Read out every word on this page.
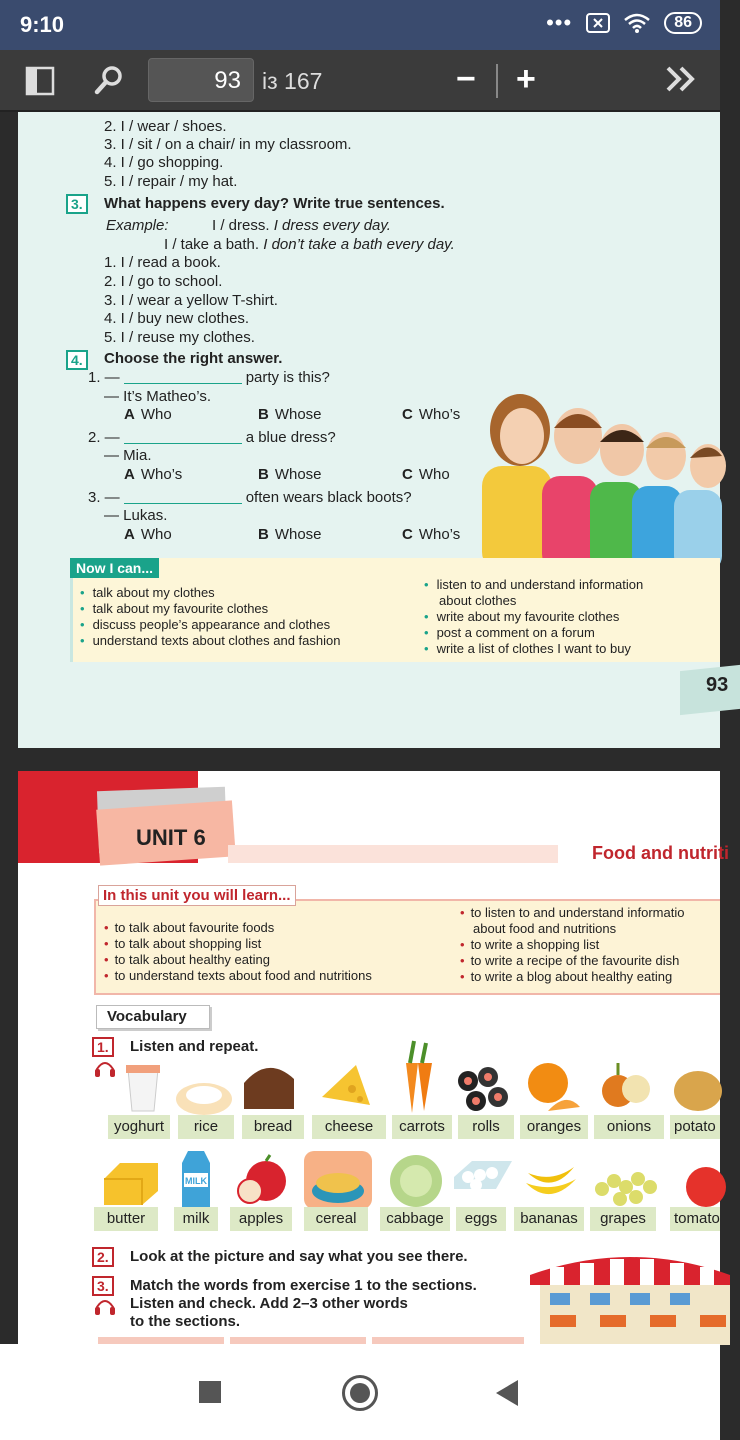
9:10	•••	86
93 із 167	− +
2. I / wear / shoes.
3. I / sit / on a chair/ in my classroom.
4. I / go shopping.
5. I / repair / my hat.
3.	What happens every day? Write true sentences.
Example:	I / dress. I dress every day.
I / take a bath. I don’t take a bath every day.
1. I / read a book.
2. I / go to school.
3. I / wear a yellow T-shirt.
4. I / buy new clothes.
5. I / reuse my clothes.
4.	Choose the right answer.
1. —	party is this?
— It’s Matheo’s.
A Who	B Whose	C Who’s
2. —	a blue dress?
— Mia.
A Who’s	B Whose	C Who
3. —	often wears black boots?
— Lukas.
A Who	B Whose	C Who’s
Now I can...
• talk about my clothes
• talk about my favourite clothes
• discuss people’s appearance and clothes
• understand texts about clothes and fashion
• listen to and understand information
about clothes
• write about my favourite clothes
• post a comment on a forum
• write a list of clothes I want to buy
93
UNIT 6
Food and nutriti
In this unit you will learn...
• to talk about favourite foods
• to talk about shopping list
• to talk about healthy eating
• to understand texts about food and nutritions
• to listen to and understand informatio
about food and nutritions
• to write a shopping list
• to write a recipe of the favourite dish
• to write a blog about healthy eating
Vocabulary
1.	Listen and repeat.
yoghurt	rice	bread	cheese	carrots	rolls	oranges	onions	potato
MILK
butter	milk	apples	cereal	cabbage	eggs	bananas	grapes	tomato
2.	Look at the picture and say what you see there.
3.	Match the words from exercise 1 to the sections.
Listen and check. Add 2–3 other words
to the sections.
